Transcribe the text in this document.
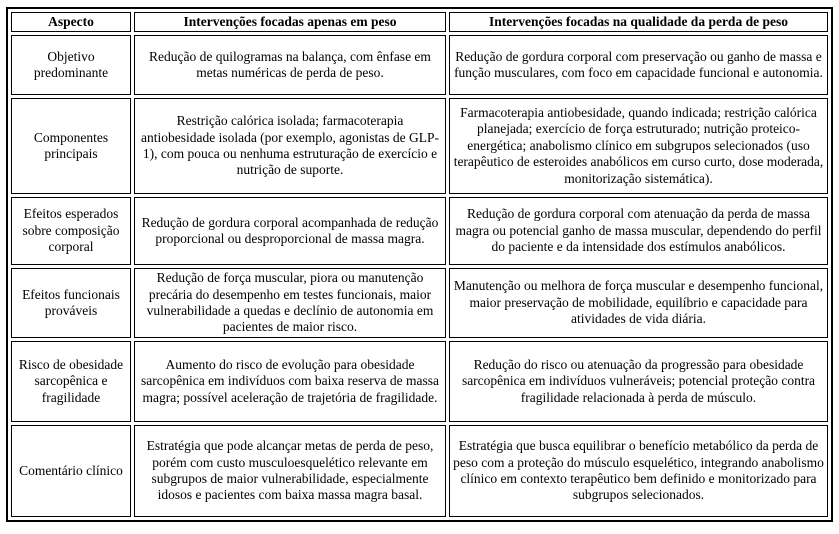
Aspecto	Intervenções focadas apenas em peso	Intervenções focadas na qualidade da perda de peso
Objetivo predominante	Redução de quilogramas na balança, com ênfase em metas numéricas de perda de peso.	Redução de gordura corporal com preservação ou ganho de massa e função musculares, com foco em capacidade funcional e autonomia.
Componentes principais	Restrição calórica isolada; farmacoterapia antiobesidade isolada (por exemplo, agonistas de GLP-1), com pouca ou nenhuma estruturação de exercício e nutrição de suporte.	Farmacoterapia antiobesidade, quando indicada; restrição calórica planejada; exercício de força estruturado; nutrição proteico-energética; anabolismo clínico em subgrupos selecionados (uso terapêutico de esteroides anabólicos em curso curto, dose moderada, monitorização sistemática).
Efeitos esperados sobre composição corporal	Redução de gordura corporal acompanhada de redução proporcional ou desproporcional de massa magra.	Redução de gordura corporal com atenuação da perda de massa magra ou potencial ganho de massa muscular, dependendo do perfil do paciente e da intensidade dos estímulos anabólicos.
Efeitos funcionais prováveis	Redução de força muscular, piora ou manutenção precária do desempenho em testes funcionais, maior vulnerabilidade a quedas e declínio de autonomia em pacientes de maior risco.	Manutenção ou melhora de força muscular e desempenho funcional, maior preservação de mobilidade, equilíbrio e capacidade para atividades de vida diária.
Risco de obesidade sarcopênica e fragilidade	Aumento do risco de evolução para obesidade sarcopênica em indivíduos com baixa reserva de massa magra; possível aceleração de trajetória de fragilidade.	Redução do risco ou atenuação da progressão para obesidade sarcopênica em indivíduos vulneráveis; potencial proteção contra fragilidade relacionada à perda de músculo.
Comentário clínico	Estratégia que pode alcançar metas de perda de peso, porém com custo musculoesquelético relevante em subgrupos de maior vulnerabilidade, especialmente idosos e pacientes com baixa massa magra basal.	Estratégia que busca equilibrar o benefício metabólico da perda de peso com a proteção do músculo esquelético, integrando anabolismo clínico em contexto terapêutico bem definido e monitorizado para subgrupos selecionados.
